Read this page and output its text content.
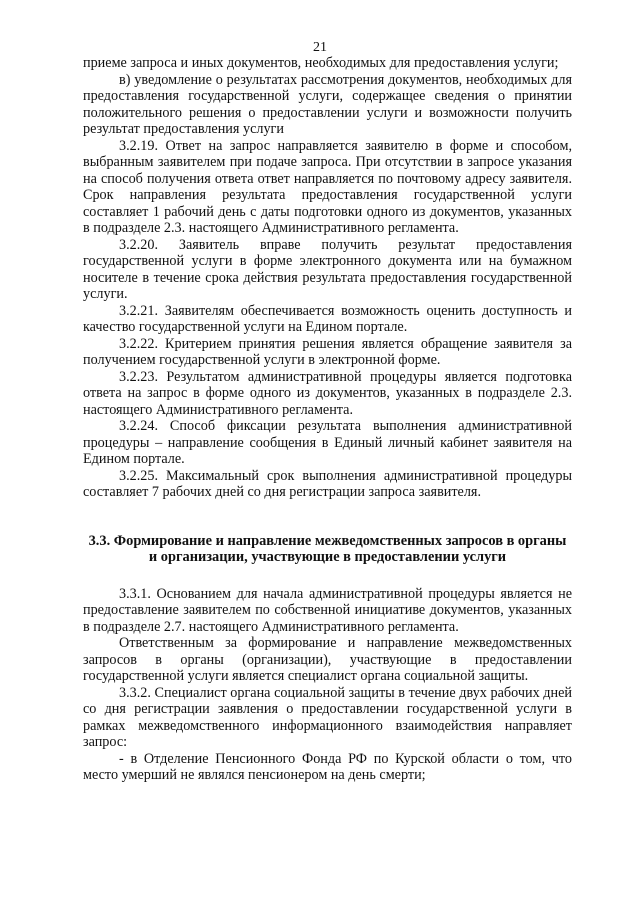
21

приеме запроса и иных документов, необходимых для предоставления услуги;

в) уведомление о результатах рассмотрения документов, необходимых для предоставления государственной услуги, содержащее сведения о принятии положительного решения о предоставлении услуги и возможности получить результат предоставления услуги

3.2.19. Ответ на запрос направляется заявителю в форме и способом, выбранным заявителем при подаче запроса. При отсутствии в запросе указания на способ получения ответа ответ направляется по почтовому адресу заявителя. Срок направления результата предоставления государственной услуги составляет 1 рабочий день с даты подготовки одного из документов, указанных в подразделе 2.3. настоящего Административного регламента.

3.2.20. Заявитель вправе получить результат предоставления государственной услуги в форме электронного документа или на бумажном носителе в течение срока действия результата предоставления государственной услуги.

3.2.21. Заявителям обеспечивается возможность оценить доступность и качество государственной услуги на Едином портале.

3.2.22. Критерием принятия решения является обращение заявителя за получением государственной услуги в электронной форме.

3.2.23. Результатом административной процедуры является подготовка ответа на запрос в форме одного из документов, указанных в подразделе 2.3. настоящего Административного регламента.

3.2.24. Способ фиксации результата выполнения административной процедуры – направление сообщения в Единый личный кабинет заявителя на Едином портале.

3.2.25. Максимальный срок выполнения административной процедуры составляет 7 рабочих дней со дня регистрации запроса заявителя.

3.3. Формирование и направление межведомственных запросов в органы и организации, участвующие в предоставлении услуги

3.3.1. Основанием для начала административной процедуры является не предоставление заявителем по собственной инициативе документов, указанных в подразделе 2.7. настоящего Административного регламента.

Ответственным за формирование и направление межведомственных запросов в органы (организации), участвующие в предоставлении государственной услуги является специалист органа социальной защиты.

3.3.2. Специалист органа социальной защиты в течение двух рабочих дней со дня регистрации заявления о предоставлении государственной услуги в рамках межведомственного информационного взаимодействия направляет запрос:

- в Отделение Пенсионного Фонда РФ по Курской области о том, что место умерший не являлся пенсионером на день смерти;
